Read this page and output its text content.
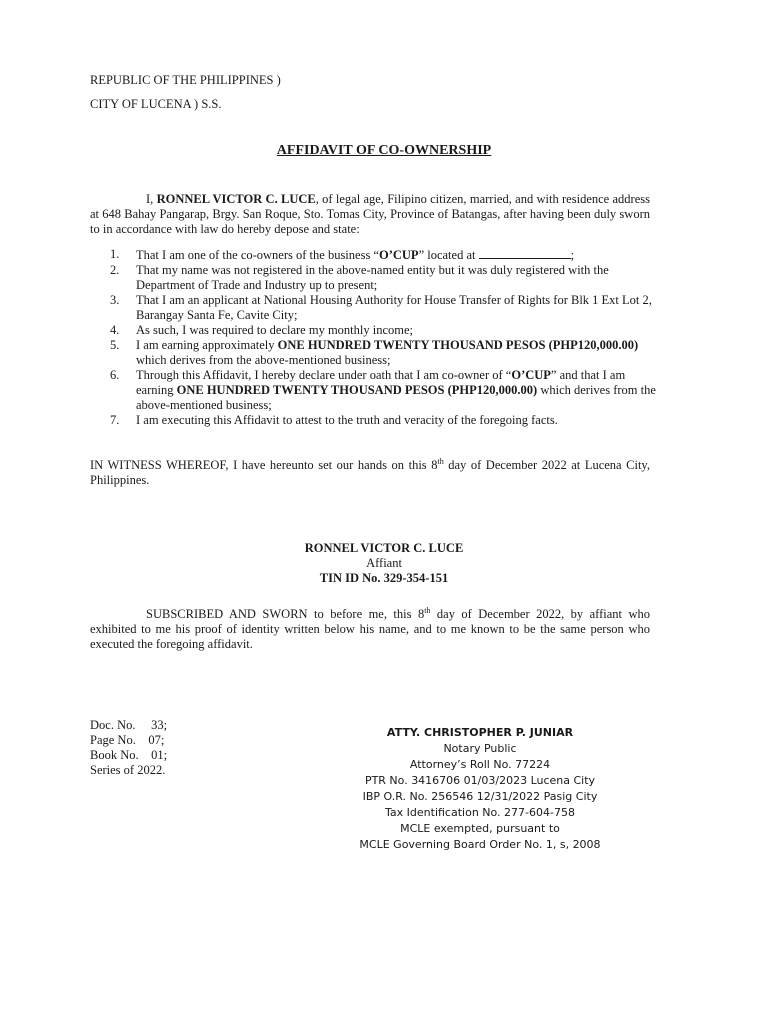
REPUBLIC OF THE PHILIPPINES )
CITY OF LUCENA ) S.S.
AFFIDAVIT OF CO-OWNERSHIP
I, RONNEL VICTOR C. LUCE, of legal age, Filipino citizen, married, and with residence address at 648 Bahay Pangarap, Brgy. San Roque, Sto. Tomas City, Province of Batangas, after having been duly sworn to in accordance with law do hereby depose and state:
1. That I am one of the co-owners of the business “O’CUP” located at	;
2. That my name was not registered in the above-named entity but it was duly registered with the Department of Trade and Industry up to present;
3. That I am an applicant at National Housing Authority for House Transfer of Rights for Blk 1 Ext Lot 2, Barangay Santa Fe, Cavite City;
4. As such, I was required to declare my monthly income;
5. I am earning approximately ONE HUNDRED TWENTY THOUSAND PESOS (PHP120,000.00) which derives from the above-mentioned business;
6. Through this Affidavit, I hereby declare under oath that I am co-owner of “O’CUP” and that I am earning ONE HUNDRED TWENTY THOUSAND PESOS (PHP120,000.00) which derives from the above-mentioned business;
7. I am executing this Affidavit to attest to the truth and veracity of the foregoing facts.
IN WITNESS WHEREOF, I have hereunto set our hands on this 8th day of December 2022 at Lucena City, Philippines.
RONNEL VICTOR C. LUCE
Affiant
TIN ID No. 329-354-151
SUBSCRIBED AND SWORN to before me, this 8th day of December 2022, by affiant who exhibited to me his proof of identity written below his name, and to me known to be the same person who executed the foregoing affidavit.
Doc. No.     33;
Page No.    07;
Book No.    01;
Series of 2022.
ATTY. CHRISTOPHER P. JUNIAR
Notary Public
Attorney’s Roll No. 77224
PTR No. 3416706 01/03/2023 Lucena City
IBP O.R. No. 256546 12/31/2022 Pasig City
Tax Identification No. 277-604-758
MCLE exempted, pursuant to
MCLE Governing Board Order No. 1, s, 2008
